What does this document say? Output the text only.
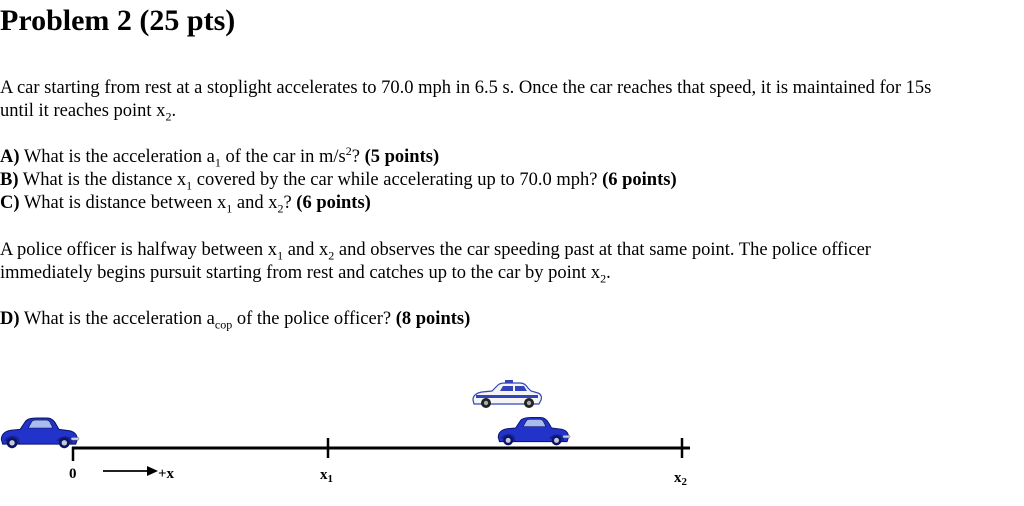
Problem 2 (25 pts)

A car starting from rest at a stoplight accelerates to 70.0 mph in 6.5 s. Once the car reaches that speed, it is maintained for 15s
until it reaches point $x_2$.

A) What is the acceleration $a_1$ of the car in $m/s^2$? (5 points)
B) What is the distance $x_1$ covered by the car while accelerating up to 70.0 mph? (6 points)
C) What is distance between $x_1$ and $x_2$? (6 points)

A police officer is halfway between $x_1$ and $x_2$ and observes the car speeding past at that same point. The police officer
immediately begins pursuit starting from rest and catches up to the car by point $x_2$.

D) What is the acceleration $a_{cop}$ of the police officer? (8 points)
0	+x	$x_1$	$x_2$
